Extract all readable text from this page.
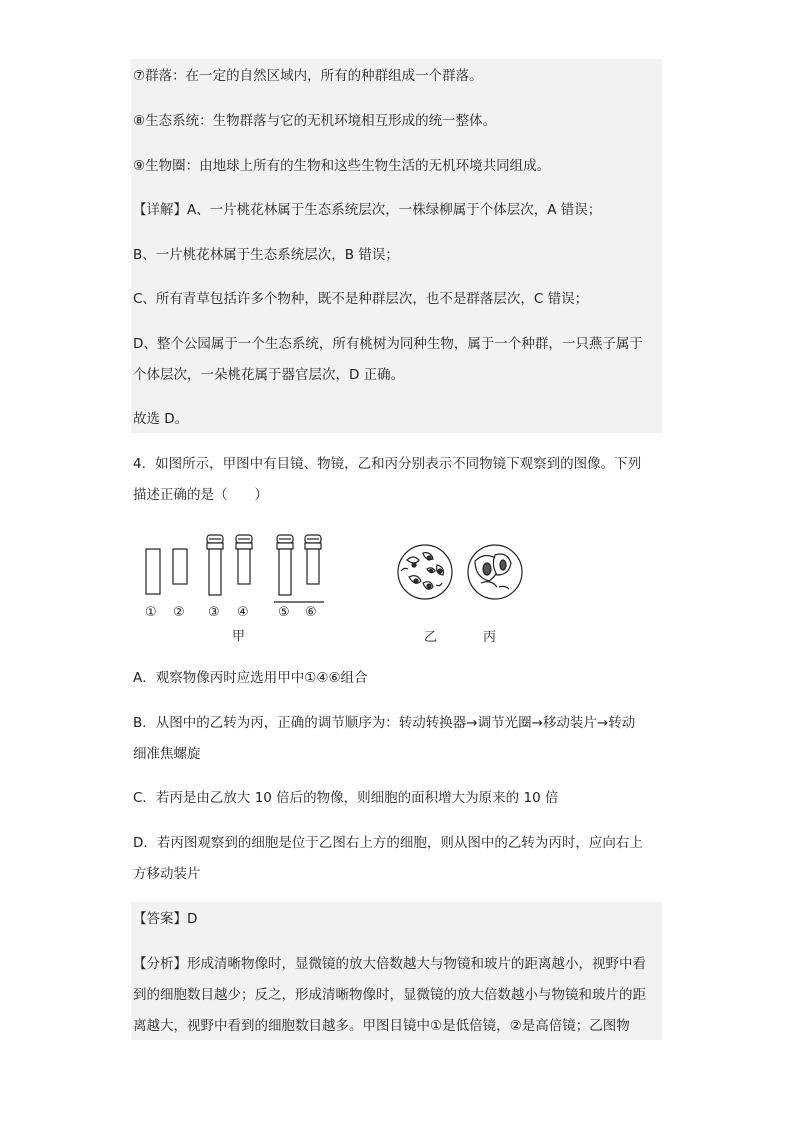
⑦群落：在一定的自然区域内，所有的种群组成一个群落。
⑧生态系统：生物群落与它的无机环境相互形成的统一整体。
⑨生物圈：由地球上所有的生物和这些生物生活的无机环境共同组成。
【详解】A、一片桃花林属于生态系统层次，一株绿柳属于个体层次，A 错误；
B、一片桃花林属于生态系统层次，B 错误；
C、所有青草包括许多个物种，既不是种群层次，也不是群落层次，C 错误；
D、整个公园属于一个生态系统，所有桃树为同种生物，属于一个种群，一只燕子属于
个体层次，一朵桃花属于器官层次，D 正确。
故选 D。
4．如图所示，甲图中有目镜、物镜，乙和丙分别表示不同物镜下观察到的图像。下列
描述正确的是（　　）
① ② ③ ④ ⑤ ⑥
甲	乙	丙
A．观察物像丙时应选用甲中①④⑥组合
B．从图中的乙转为丙，正确的调节顺序为：转动转换器→调节光圈→移动装片→转动
细准焦螺旋
C．若丙是由乙放大 10 倍后的物像，则细胞的面积增大为原来的 10 倍
D．若丙图观察到的细胞是位于乙图右上方的细胞，则从图中的乙转为丙时，应向右上
方移动装片
【答案】D
【分析】形成清晰物像时，显微镜的放大倍数越大与物镜和玻片的距离越小，视野中看
到的细胞数目越少；反之，形成清晰物像时，显微镜的放大倍数越小与物镜和玻片的距
离越大，视野中看到的细胞数目越多。甲图目镜中①是低倍镜，②是高倍镜；乙图物
